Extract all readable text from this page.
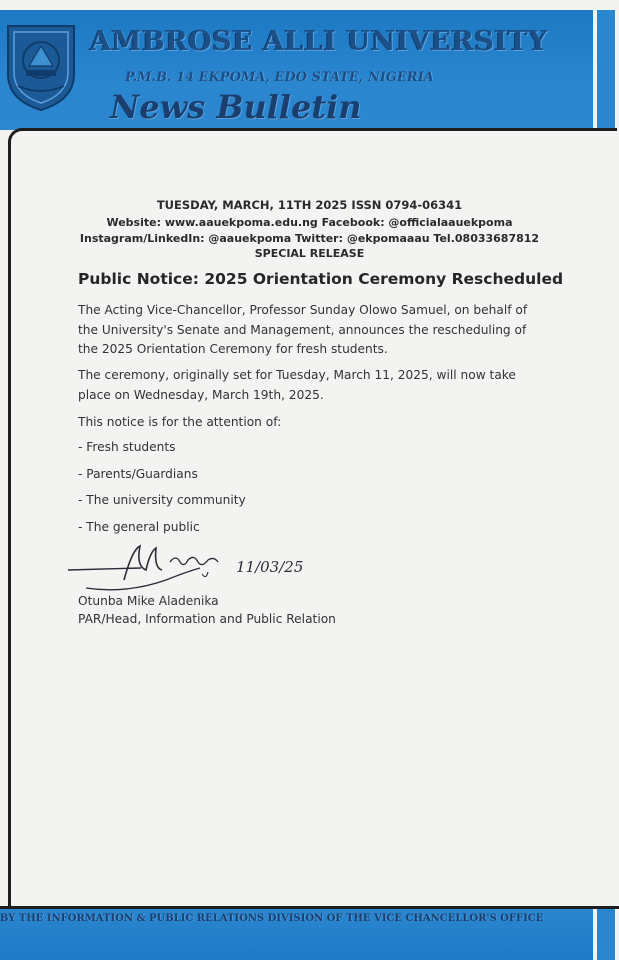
AMBROSE ALLI UNIVERSITY
P.M.B. 14 EKPOMA, EDO STATE, NIGERIA
News Bulletin
TUESDAY, MARCH, 11TH 2025 ISSN 0794-06341
Website: www.aauekpoma.edu.ng Facebook: @officialaauekpoma
Instagram/LinkedIn: @aauekpoma Twitter: @ekpomaaau Tel.08033687812
SPECIAL RELEASE
Public Notice: 2025 Orientation Ceremony Rescheduled
The Acting Vice-Chancellor, Professor Sunday Olowo Samuel, on behalf of the University's Senate and Management, announces the rescheduling of the 2025 Orientation Ceremony for fresh students.
The ceremony, originally set for Tuesday, March 11, 2025, will now take place on Wednesday, March 19th, 2025.
This notice is for the attention of:
- Fresh students
- Parents/Guardians
- The university community
- The general public
11/03/25
Otunba Mike Aladenika
PAR/Head, Information and Public Relation
BY THE INFORMATION & PUBLIC RELATIONS DIVISION OF THE VICE CHANCELLOR'S OFFICE
